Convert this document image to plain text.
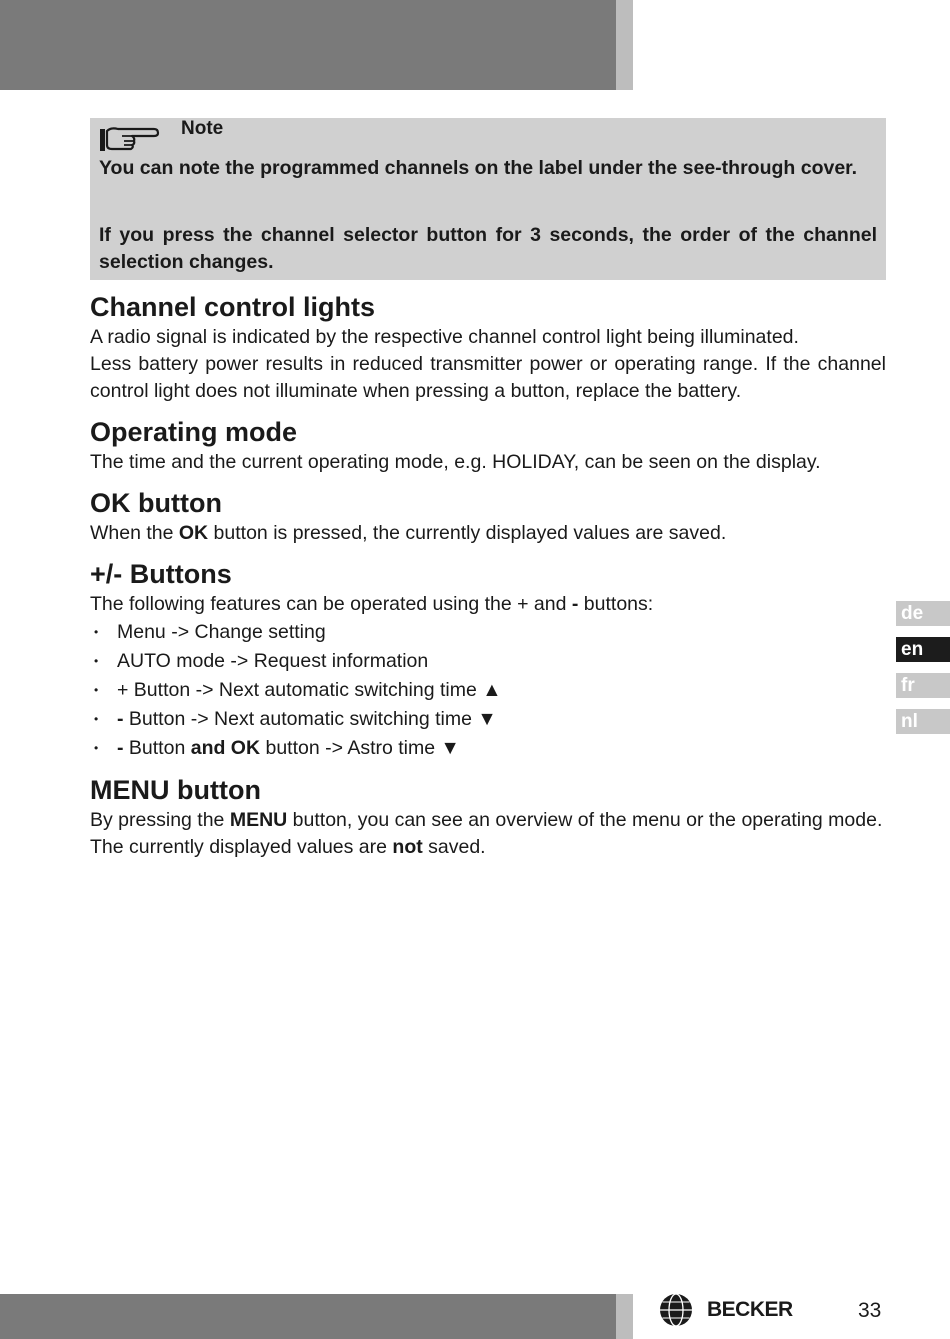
Note
You can note the programmed channels on the label under the see-through cover.
If you press the channel selector button for 3 seconds, the order of the channel selection changes.
Channel control lights

A radio signal is indicated by the respective channel control light being illuminated.

Less battery power results in reduced transmitter power or operating range. If the channel control light does not illuminate when pressing a button, replace the battery.

Operating mode

The time and the current operating mode, e.g. HOLIDAY, can be seen on the display.

OK button

When the OK button is pressed, the currently displayed values are saved.

+/- Buttons

The following features can be operated using the + and - buttons:

• Menu -> Change setting
• AUTO mode -> Request information
• + Button -> Next automatic switching time ▲
• - Button -> Next automatic switching time ▼
• - Button and OK button -> Astro time ▼
MENU button

By pressing the MENU button, you can see an overview of the menu or the operating mode.

The currently displayed values are not saved.

de
en
fr
nl
BECKER	33
